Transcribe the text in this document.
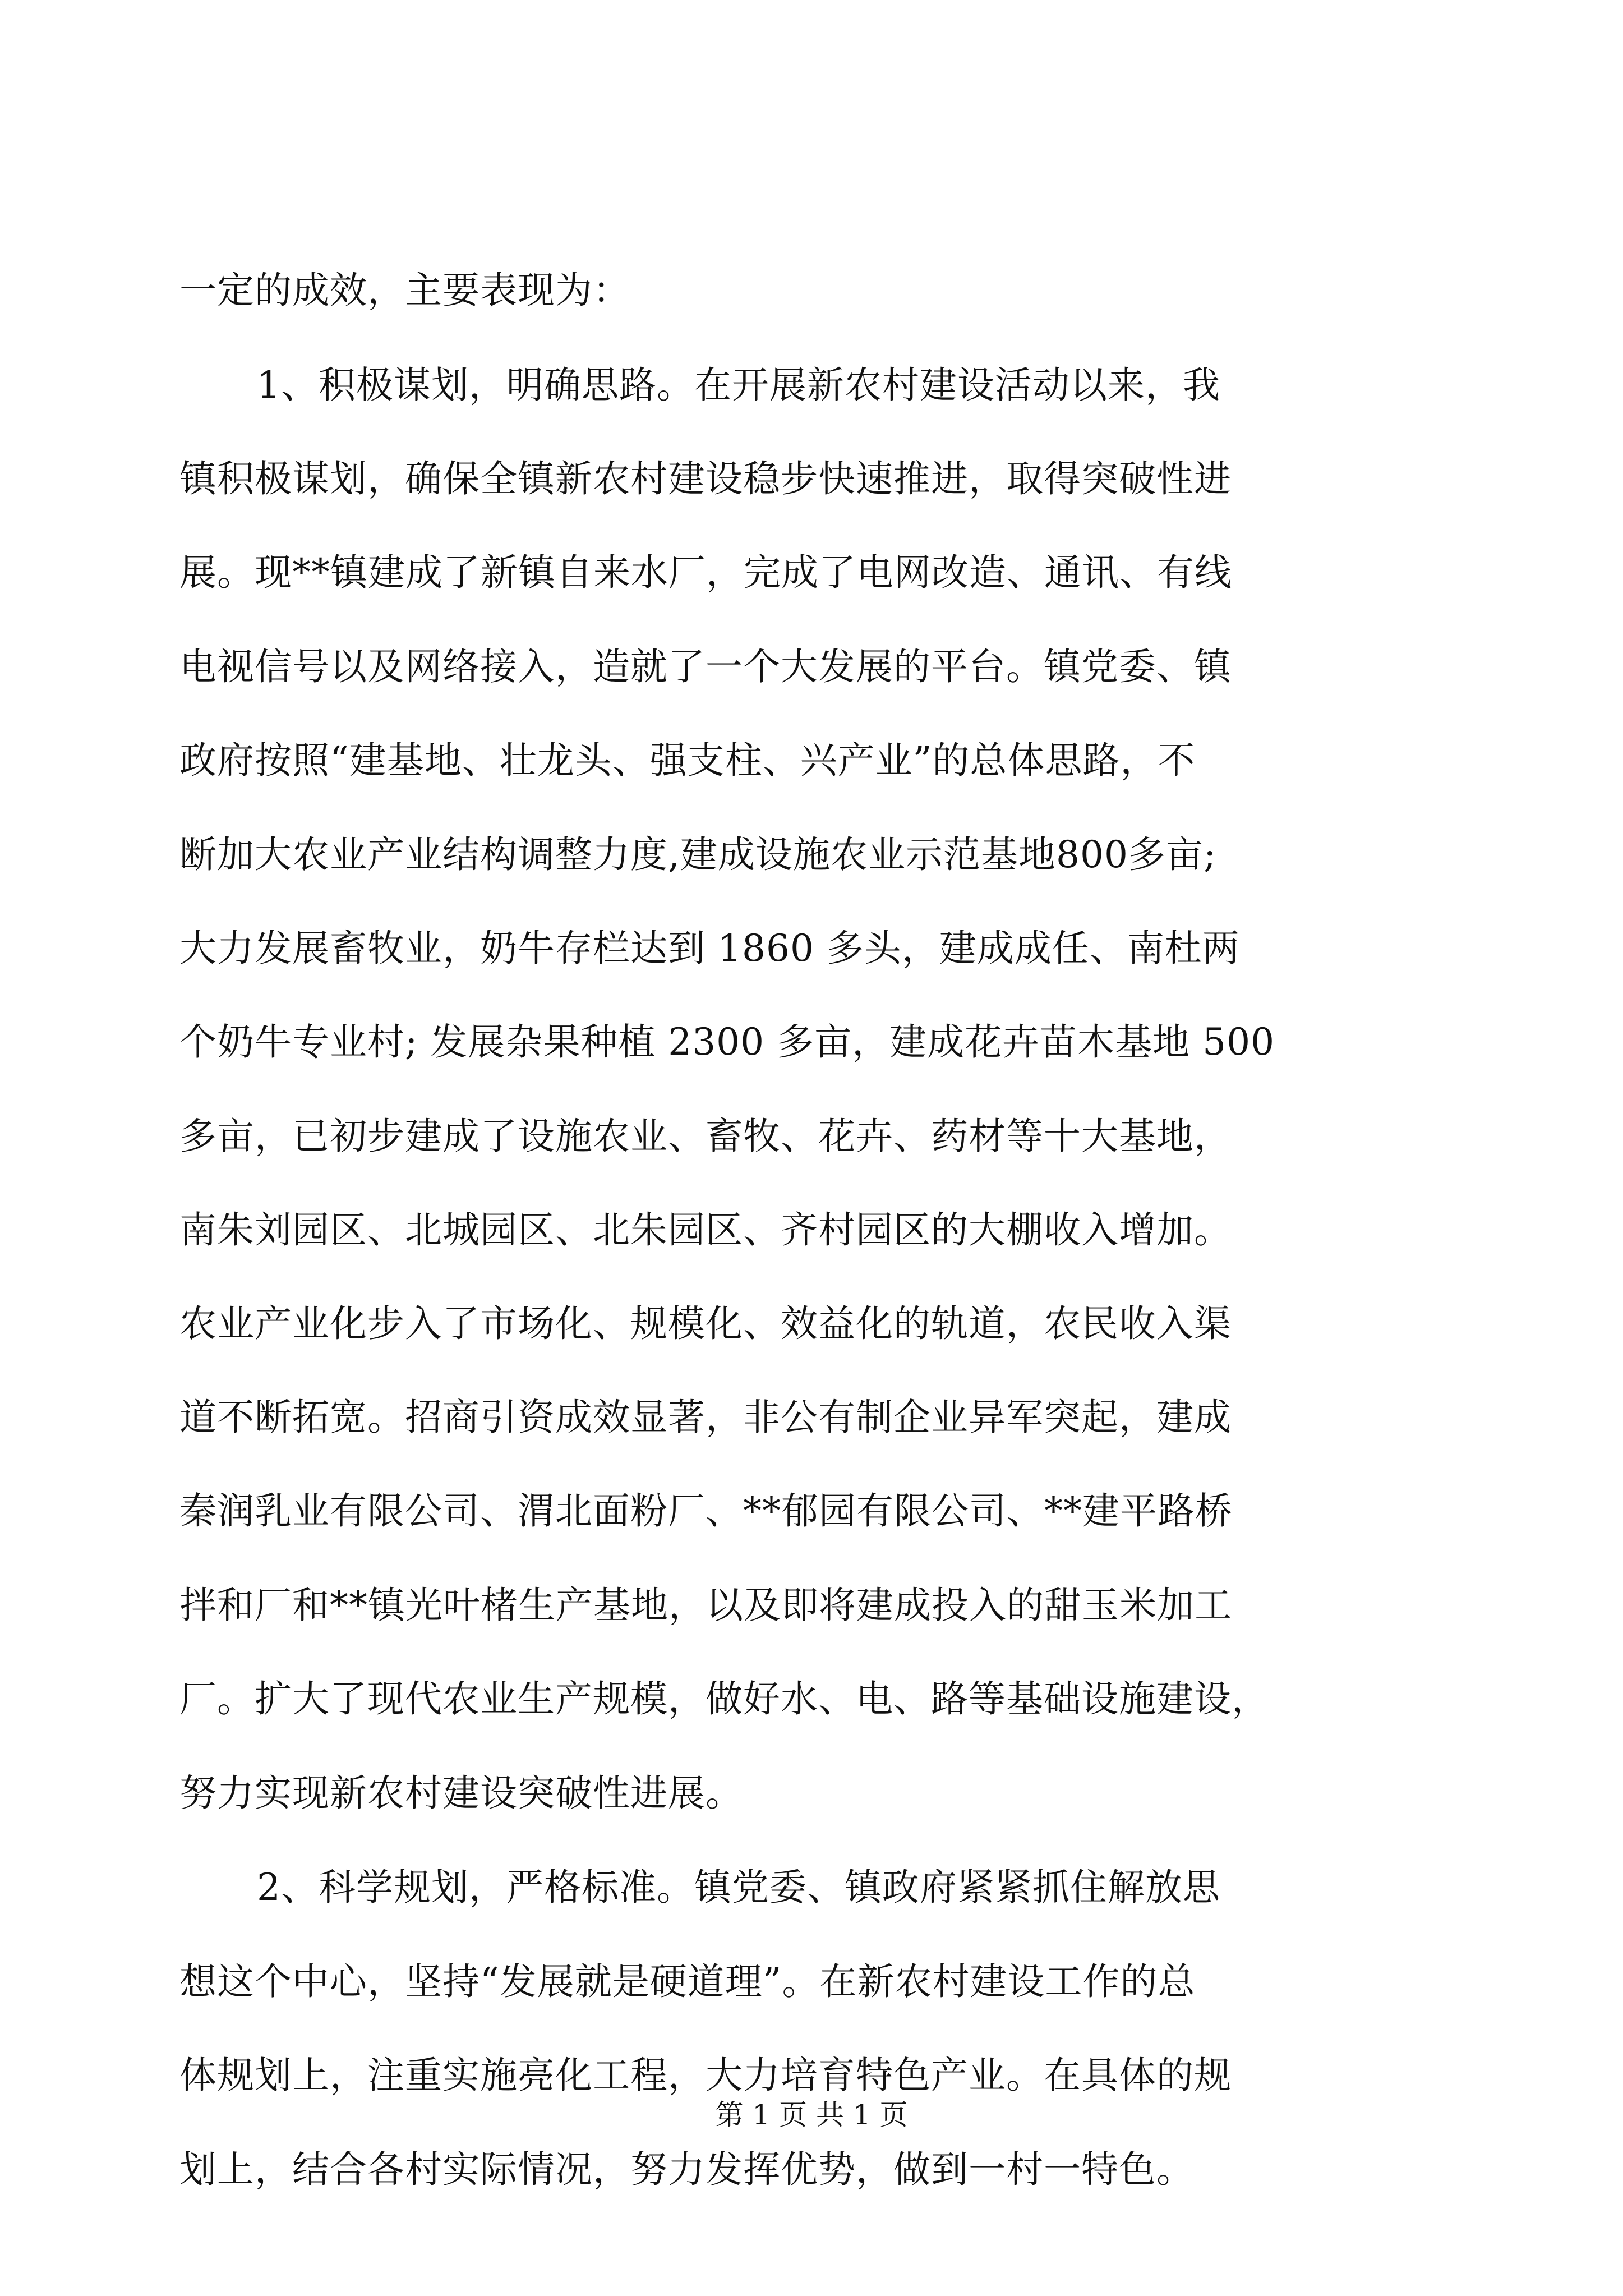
一定的成效，主要表现为：
1、积极谋划，明确思路。在开展新农村建设活动以来，我
镇积极谋划，确保全镇新农村建设稳步快速推进，取得突破性进
展。现**镇建成了新镇自来水厂，完成了电网改造、通讯、有线
电视信号以及网络接入，造就了一个大发展的平台。镇党委、镇
政府按照“建基地、壮龙头、强支柱、兴产业”的总体思路，不
断加大农业产业结构调整力度,建成设施农业示范基地800多亩;
大力发展畜牧业，奶牛存栏达到 1860 多头，建成成任、南杜两
个奶牛专业村; 发展杂果种植 2300 多亩，建成花卉苗木基地 500
多亩，已初步建成了设施农业、畜牧、花卉、药材等十大基地，
南朱刘园区、北城园区、北朱园区、齐村园区的大棚收入增加。
农业产业化步入了市场化、规模化、效益化的轨道，农民收入渠
道不断拓宽。招商引资成效显著，非公有制企业异军突起，建成
秦润乳业有限公司、渭北面粉厂、**郁园有限公司、**建平路桥
拌和厂和**镇光叶楮生产基地，以及即将建成投入的甜玉米加工
厂。扩大了现代农业生产规模，做好水、电、路等基础设施建设，
努力实现新农村建设突破性进展。
2、科学规划，严格标准。镇党委、镇政府紧紧抓住解放思
想这个中心，坚持“发展就是硬道理”。在新农村建设工作的总
体规划上，注重实施亮化工程，大力培育特色产业。在具体的规
划上，结合各村实际情况，努力发挥优势，做到一村一特色。
第 1 页 共 1 页
